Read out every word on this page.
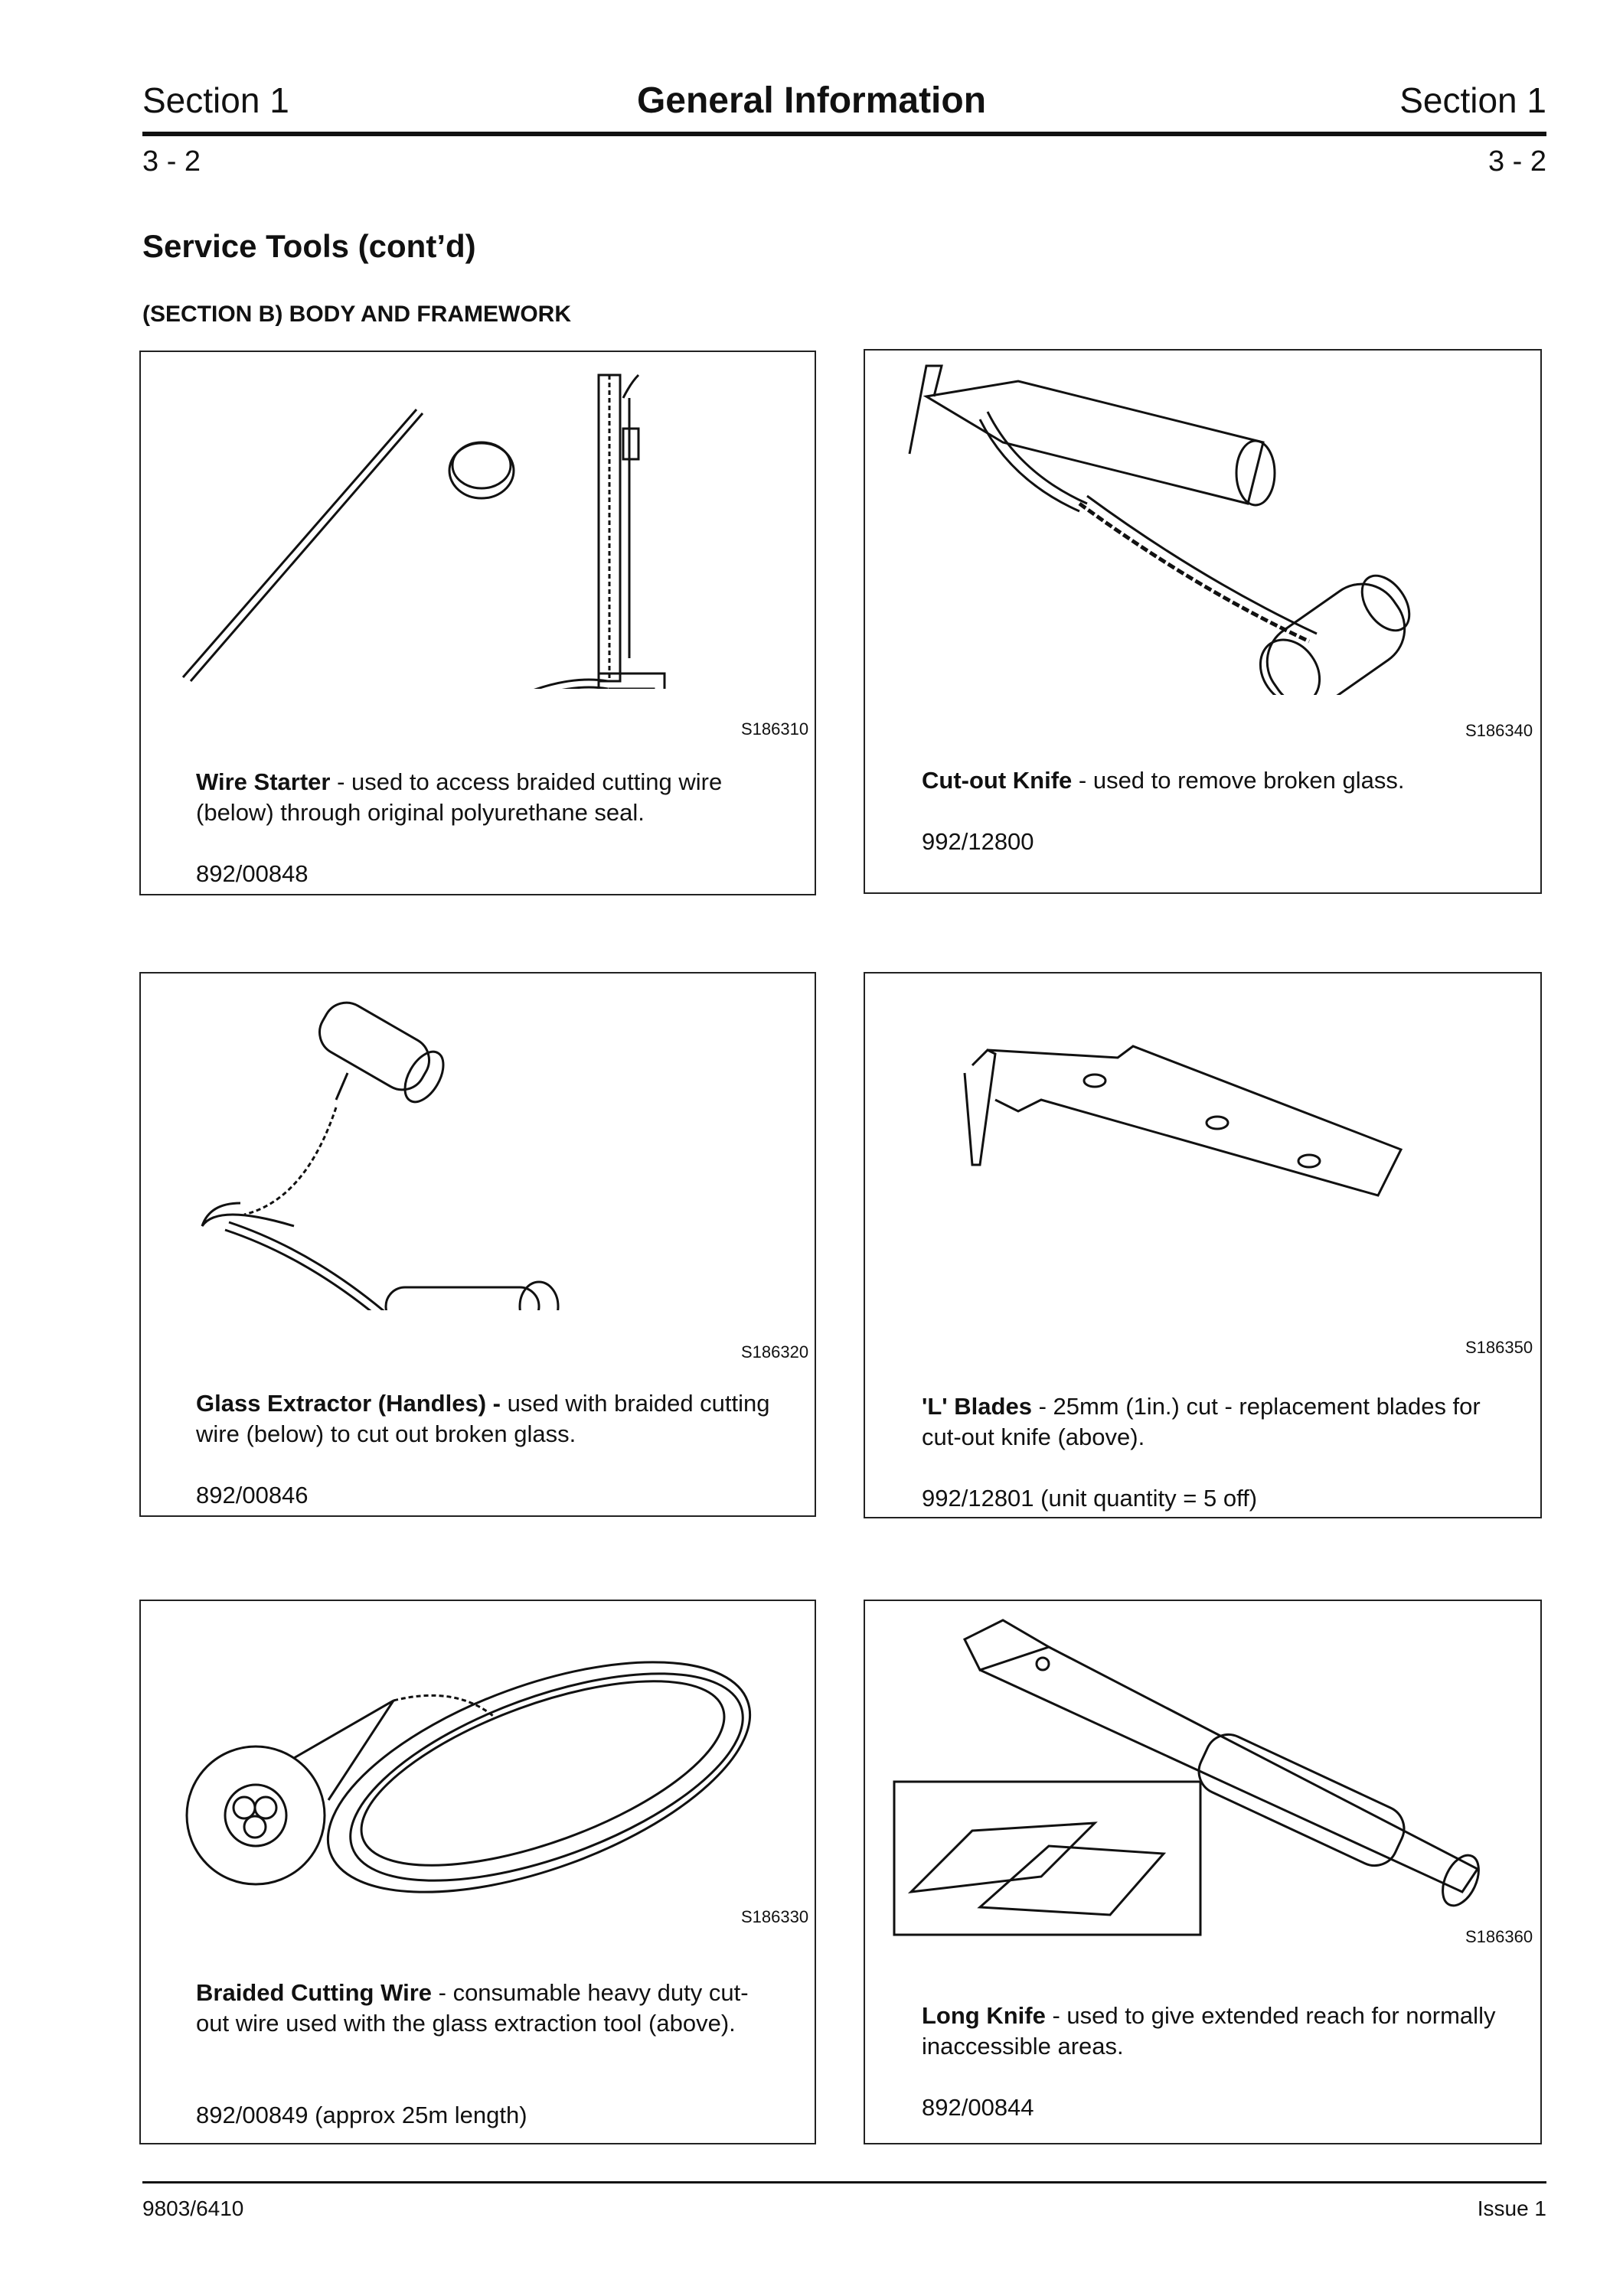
Section 1	General Information	Section 1
3 - 2	3 - 2
Service Tools (cont’d)
(SECTION B) BODY AND FRAMEWORK
S186310
Wire Starter - used to access braided cutting wire (below) through original polyurethane seal.
892/00848
S186340
Cut-out Knife - used to remove broken glass.
992/12800
S186320
Glass Extractor (Handles) - used with braided cutting wire (below) to cut out broken glass.
892/00846
S186350
'L' Blades - 25mm (1in.) cut - replacement blades for cut-out knife (above).
992/12801 (unit quantity = 5 off)
S186330
Braided Cutting Wire - consumable heavy duty cut-out wire used with the glass extraction tool (above).
892/00849 (approx 25m length)
S186360
Long Knife - used to give extended reach for normally inaccessible areas.
892/00844
9803/6410	Issue 1
